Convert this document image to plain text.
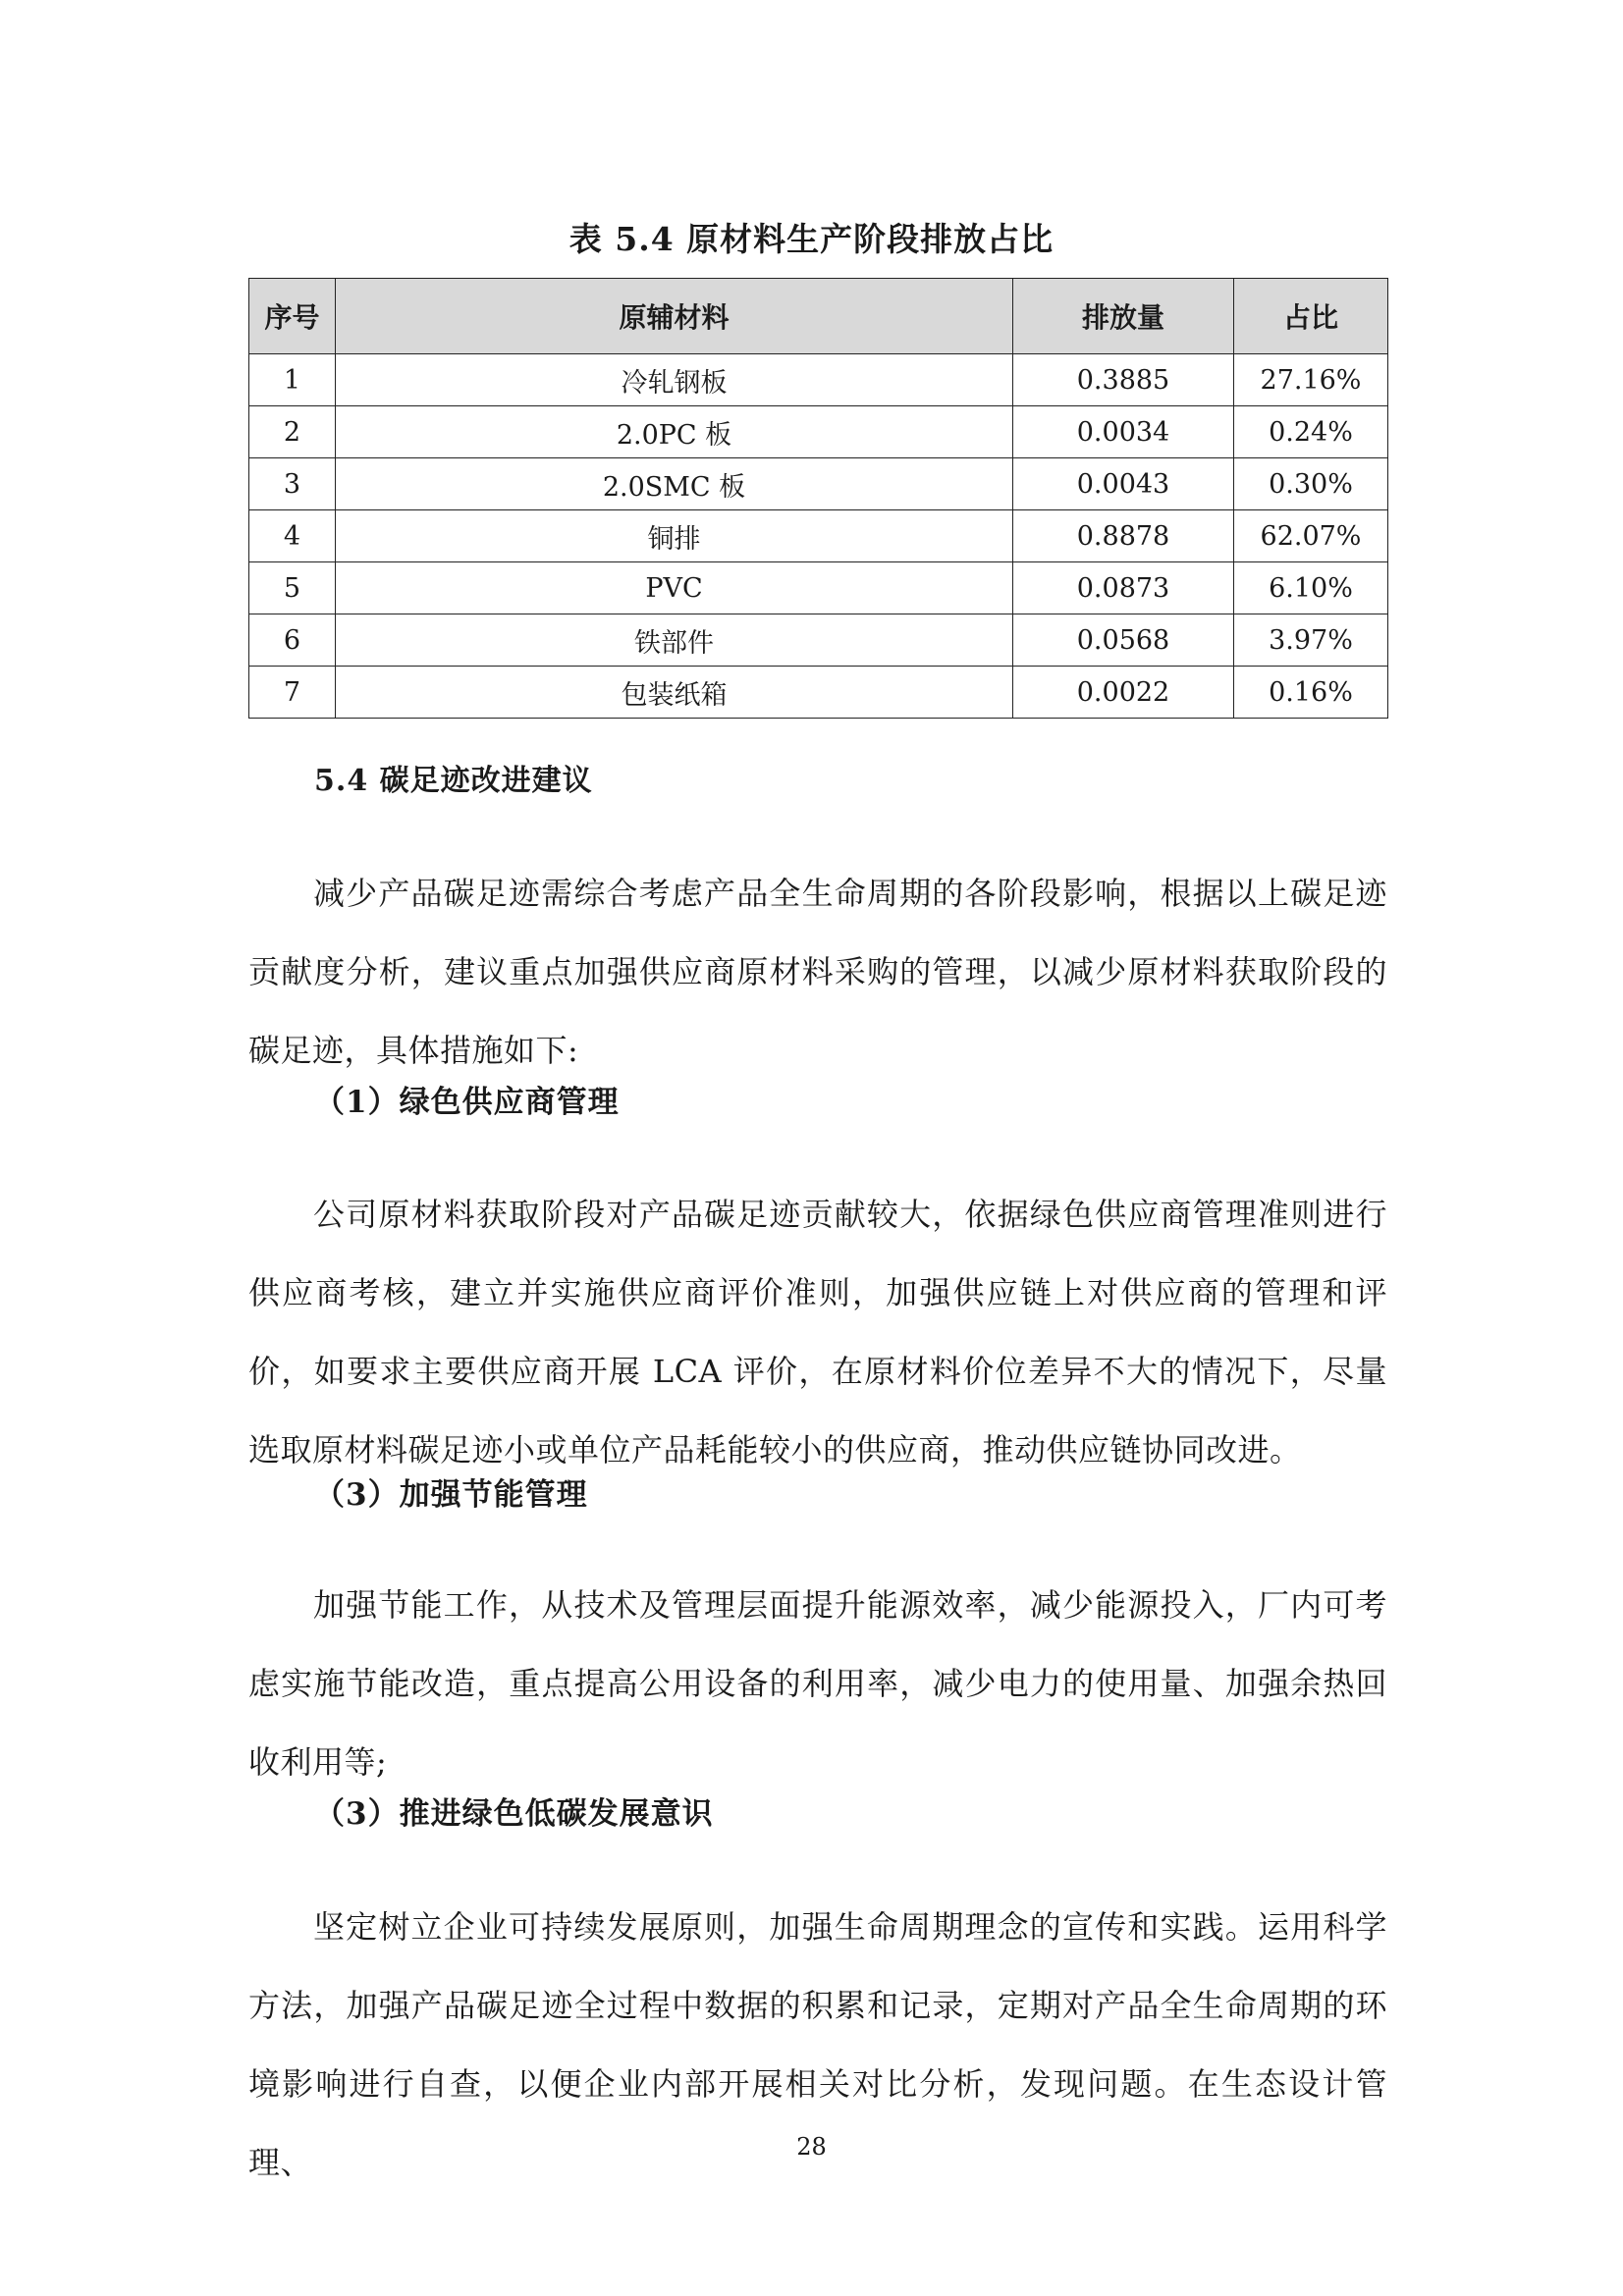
表 5.4 原材料生产阶段排放占比
序号	原辅材料	排放量	占比
1	冷轧钢板	0.3885	27.16%
2	2.0PC 板	0.0034	0.24%
3	2.0SMC 板	0.0043	0.30%
4	铜排	0.8878	62.07%
5	PVC	0.0873	6.10%
6	铁部件	0.0568	3.97%
7	包装纸箱	0.0022	0.16%
5.4 碳足迹改进建议

减少产品碳足迹需综合考虑产品全生命周期的各阶段影响，根据以上碳足迹贡献度分析，建议重点加强供应商原材料采购的管理，以减少原材料获取阶段的碳足迹，具体措施如下:

（1）绿色供应商管理

公司原材料获取阶段对产品碳足迹贡献较大，依据绿色供应商管理准则进行供应商考核，建立并实施供应商评价准则，加强供应链上对供应商的管理和评价，如要求主要供应商开展 LCA 评价，在原材料价位差异不大的情况下，尽量选取原材料碳足迹小或单位产品耗能较小的供应商，推动供应链协同改进。

（3）加强节能管理

加强节能工作，从技术及管理层面提升能源效率，减少能源投入，厂内可考虑实施节能改造，重点提高公用设备的利用率，减少电力的使用量、加强余热回收利用等;

（3）推进绿色低碳发展意识

坚定树立企业可持续发展原则，加强生命周期理念的宣传和实践。运用科学方法，加强产品碳足迹全过程中数据的积累和记录，定期对产品全生命周期的环境影响进行自查，以便企业内部开展相关对比分析，发现问题。在生态设计管理、	28
